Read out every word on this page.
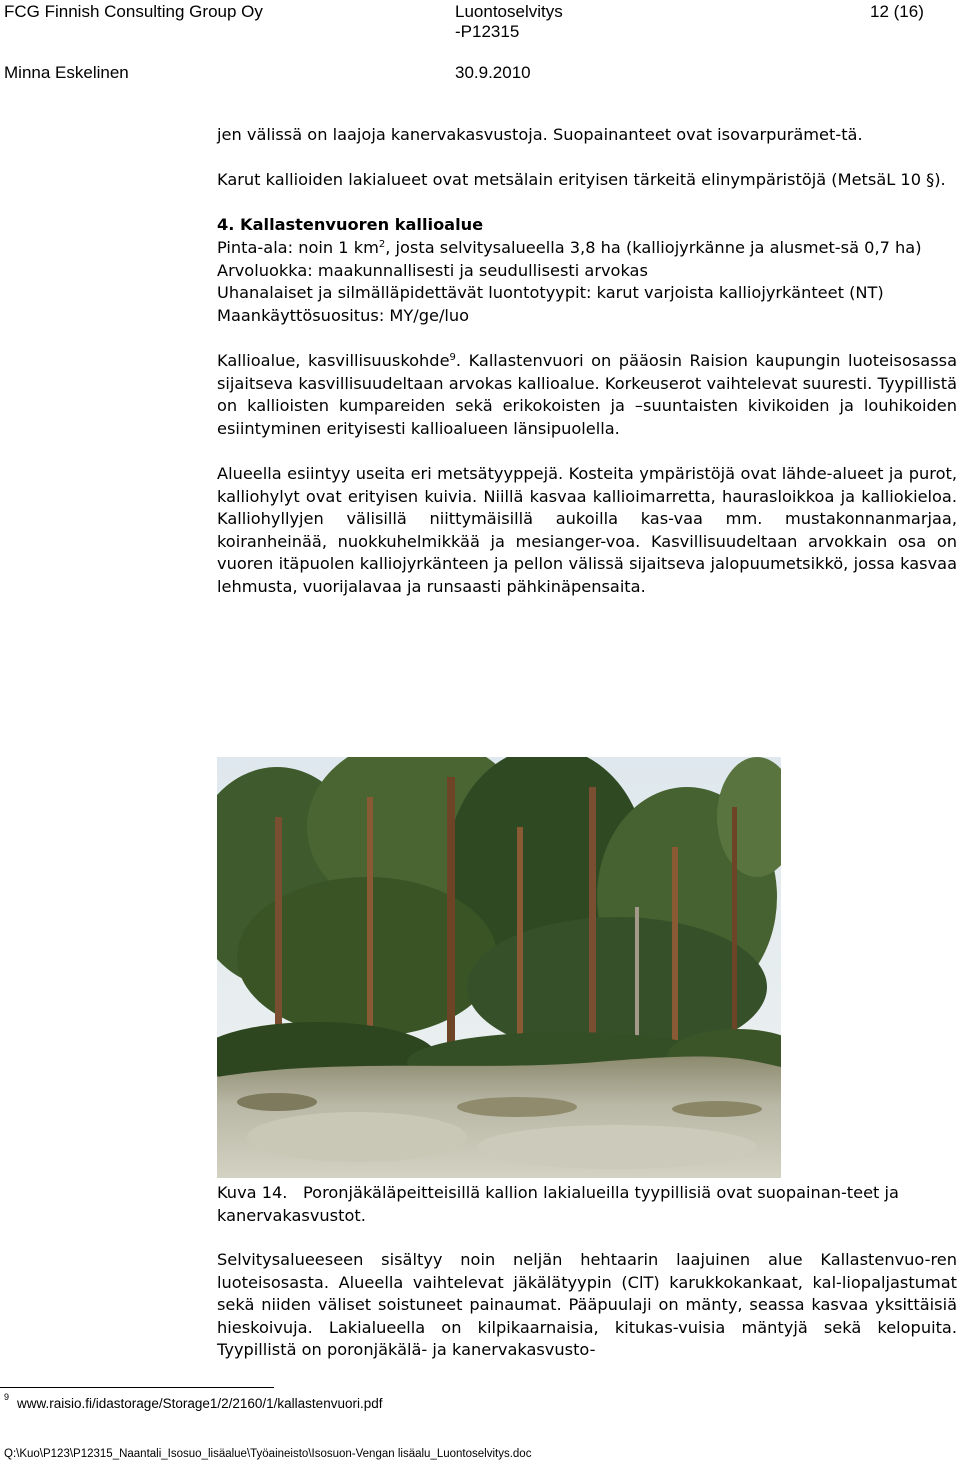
FCG Finnish Consulting Group Oy	Luontoselvitys
-P12315
12 (16)
Minna Eskelinen	30.9.2010

jen välissä on laajoja kanervakasvustoja. Suopainanteet ovat isovarpurämet-tä.

Karut kallioiden lakialueet ovat metsälain erityisen tärkeitä elinympäristöjä (MetsäL 10 §).

4. Kallastenvuoren kallioalue

Pinta-ala: noin 1 $km^2$, josta selvitysalueella 3,8 ha (kalliojyrkänne ja alusmet-sä 0,7 ha)

Arvoluokka: maakunnallisesti ja seudullisesti arvokas

Uhanalaiset ja silmälläpidettävät luontotyypit: karut varjoista kalliojyrkänteet (NT)

Maankäyttösuositus: MY/ge/luo

Kallioalue, kasvillisuuskohde$^9$. Kallastenvuori on pääosin Raision kaupungin luoteisosassa sijaitseva kasvillisuudeltaan arvokas kallioalue. Korkeuserot vaihtelevat suuresti. Tyypillistä on kallioisten kumpareiden sekä erikokoisten ja –suuntaisten kivikoiden ja louhikoiden esiintyminen erityisesti kallioalueen länsipuolella.

Alueella esiintyy useita eri metsätyyppejä. Kosteita ympäristöjä ovat lähde-alueet ja purot, kalliohylyt ovat erityisen kuivia. Niillä kasvaa kallioimarretta, haurasloikkoa ja kalliokieloa. Kalliohyllyjen välisillä niittymäisillä aukoilla kas-vaa mm. mustakonnanmarjaa, koiranheinää, nuokkuhelmikkää ja mesianger-voa. Kasvillisuudeltaan arvokkain osa on vuoren itäpuolen kalliojyrkänteen ja pellon välissä sijaitseva jalopuumetsikkö, jossa kasvaa lehmusta, vuorijalavaa ja runsaasti pähkinäpensaita.

Kuva 14. Poronjäkäläpeitteisillä kallion lakialueilla tyypillisiä ovat suopainan-teet ja kanervakasvustot.

Selvitysalueeseen sisältyy noin neljän hehtaarin laajuinen alue Kallastenvuo-ren luoteisosasta. Alueella vaihtelevat jäkälätyypin (ClT) karukkokankaat, kal-liopaljastumat sekä niiden väliset soistuneet painaumat. Pääpuulaji on mänty, seassa kasvaa yksittäisiä hieskoivuja. Lakialueella on kilpikaarnaisia, kitukas-vuisia mäntyjä sekä kelopuita. Tyypillistä on poronjäkälä- ja kanervakasvusto-

$^9$ www.raisio.fi/idastorage/Storage1/2/2160/1/kallastenvuori.pdf
Q:\Kuo\P123\P12315_Naantali_Isosuo_lisäalue\Työaineisto\Isosuon-Vengan lisäalu_Luontoselvitys.doc
